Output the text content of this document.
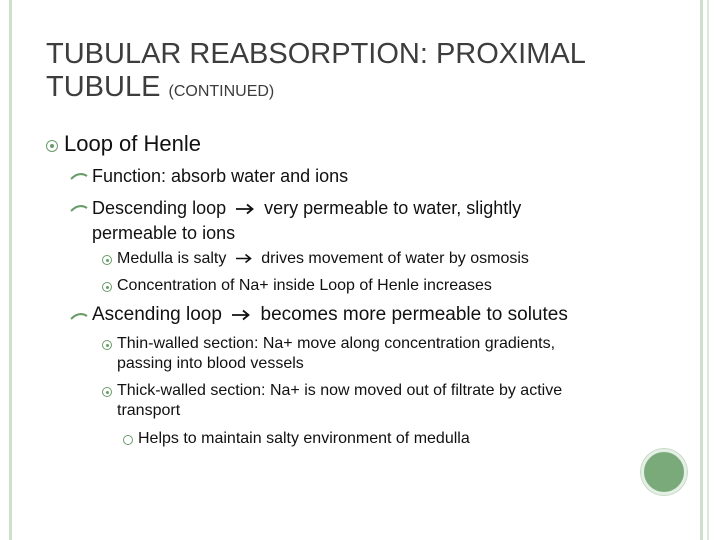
TUBULAR REABSORPTION: PROXIMAL TUBULE (CONTINUED)
Loop of Henle
Function: absorb water and ions
Descending loop very permeable to water, slightly
permeable to ions
Medulla is salty drives movement of water by osmosis
Concentration of Na+ inside Loop of Henle increases
Ascending loop becomes more permeable to solutes
Thin-walled section: Na+ move along concentration gradients,
passing into blood vessels
Thick-walled section: Na+ is now moved out of filtrate by active
transport
Helps to maintain salty environment of medulla
